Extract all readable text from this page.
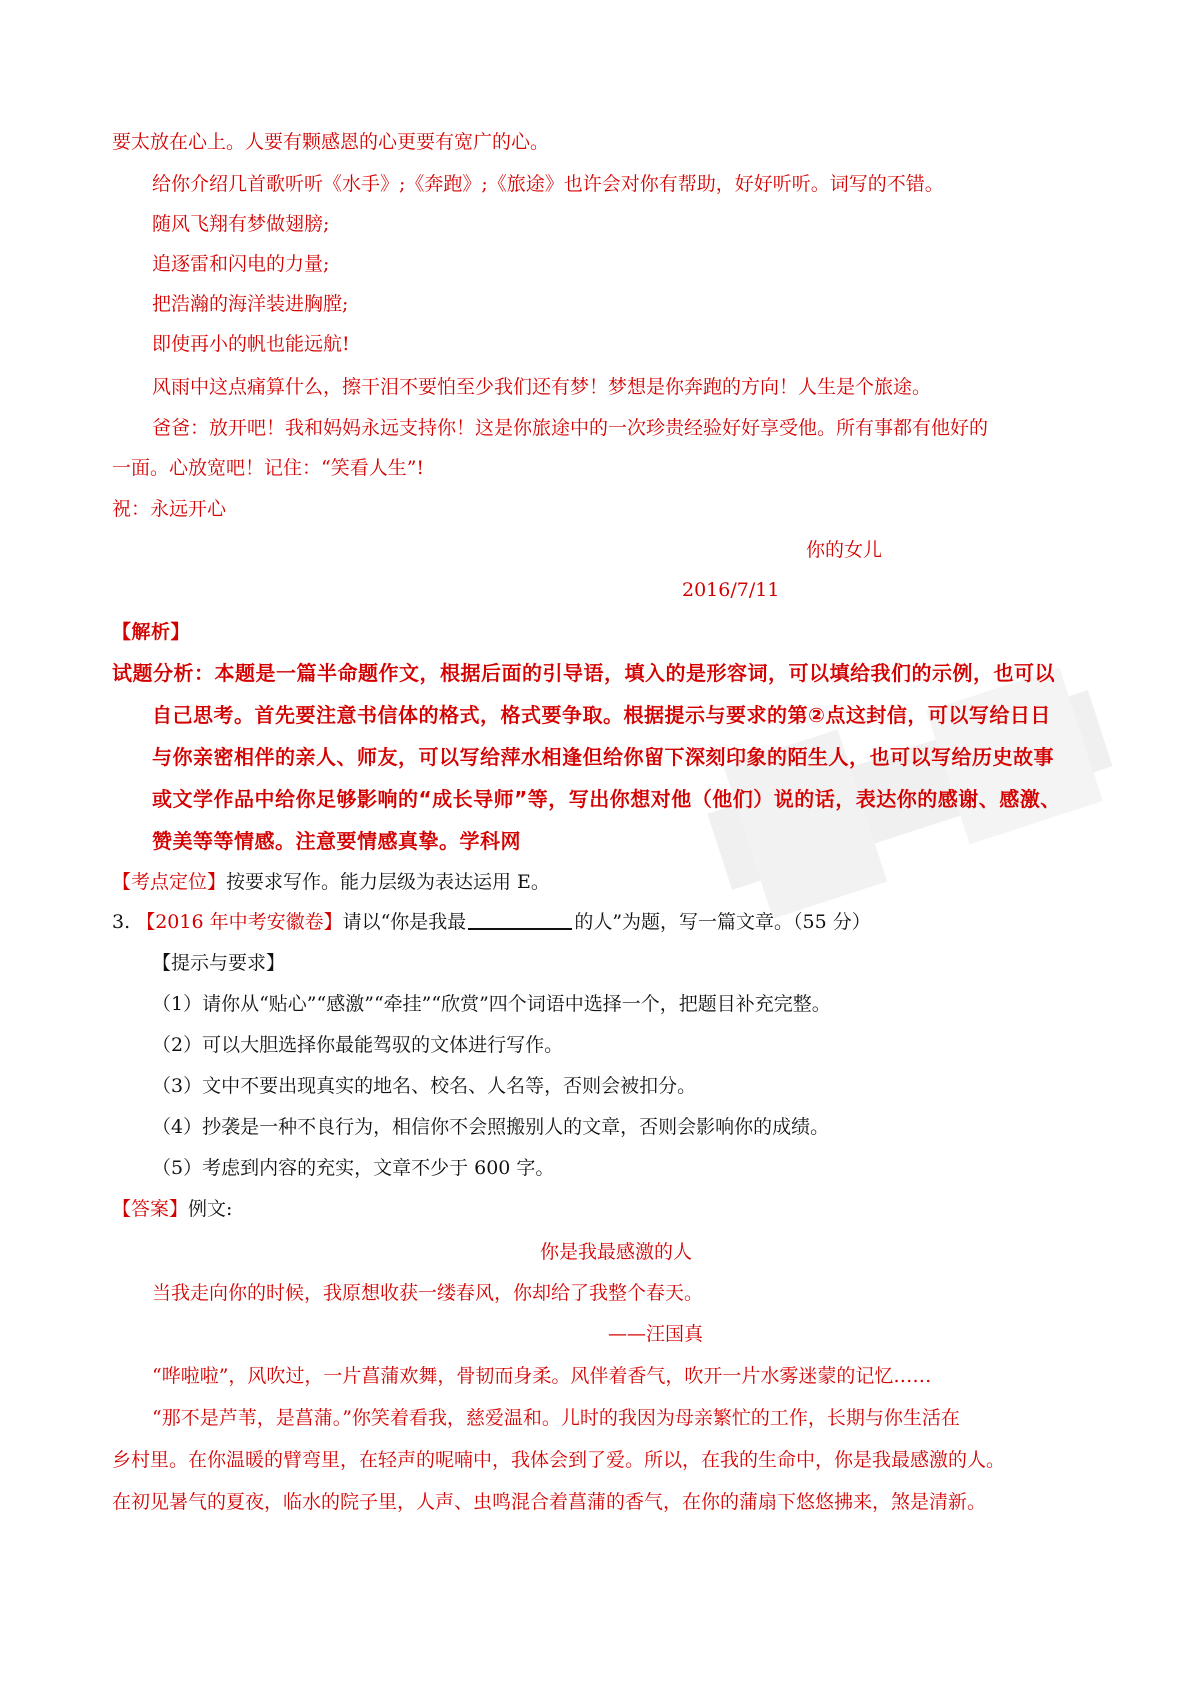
要太放在心上。人要有颗感恩的心更要有宽广的心。
给你介绍几首歌听听《水手》;《奔跑》;《旅途》也许会对你有帮助，好好听听。词写的不错。
随风飞翔有梦做翅膀;
追逐雷和闪电的力量;
把浩瀚的海洋装进胸膛;
即使再小的帆也能远航!
风雨中这点痛算什么，擦干泪不要怕至少我们还有梦！梦想是你奔跑的方向！人生是个旅途。
爸爸：放开吧！我和妈妈永远支持你！这是你旅途中的一次珍贵经验好好享受他。所有事都有他好的
一面。心放宽吧！记住：“笑看人生”!
祝：永远开心
你的女儿
2016/7/11
【解析】
试题分析：本题是一篇半命题作文，根据后面的引导语，填入的是形容词，可以填给我们的示例，也可以
自己思考。首先要注意书信体的格式，格式要争取。根据提示与要求的第②点这封信，可以写给日日
与你亲密相伴的亲人、师友，可以写给萍水相逢但给你留下深刻印象的陌生人，也可以写给历史故事
或文学作品中给你足够影响的“成长导师”等，写出你想对他（他们）说的话，表达你的感谢、感激、
赞美等等情感。注意要情感真挚。学科网
【考点定位】按要求写作。能力层级为表达运用 E。
3. 【2016 年中考安徽卷】请以“你是我最	的人”为题，写一篇文章。（55 分）
【提示与要求】
（1）请你从“贴心”“感激”“牵挂”“欣赏”四个词语中选择一个，把题目补充完整。
（2）可以大胆选择你最能驾驭的文体进行写作。
（3）文中不要出现真实的地名、校名、人名等，否则会被扣分。
（4）抄袭是一种不良行为，相信你不会照搬别人的文章，否则会影响你的成绩。
（5）考虑到内容的充实，文章不少于 600 字。
【答案】例文:
你是我最感激的人
当我走向你的时候，我原想收获一缕春风，你却给了我整个春天。
——汪国真
“哗啦啦”，风吹过，一片菖蒲欢舞，骨韧而身柔。风伴着香气，吹开一片水雾迷蒙的记忆……
“那不是芦苇，是菖蒲。”你笑着看我，慈爱温和。儿时的我因为母亲繁忙的工作，长期与你生活在
乡村里。在你温暖的臂弯里，在轻声的呢喃中，我体会到了爱。所以，在我的生命中，你是我最感激的人。
在初见暑气的夏夜，临水的院子里，人声、虫鸣混合着菖蒲的香气，在你的蒲扇下悠悠拂来，煞是清新。
